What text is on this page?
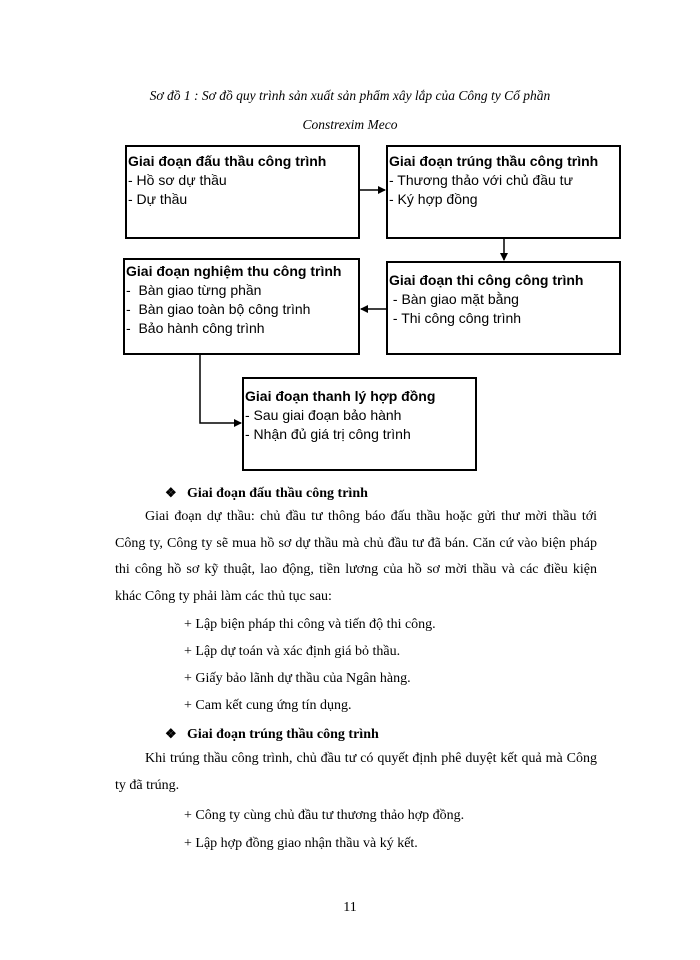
Sơ đồ 1 : Sơ đồ quy trình sản xuất sản phẩm xây lắp của Công ty Cổ phần
Constrexim Meco
Giai đoạn đấu thầu công trình
- Hồ sơ dự thầu
- Dự thầu
Giai đoạn trúng thầu công trình
- Thương thảo với chủ đầu tư
- Ký hợp đồng
Giai đoạn thi công công trình
- Bàn giao mặt bằng
- Thi công công trình
Giai đoạn nghiệm thu công trình
-  Bàn giao từng phần
-  Bàn giao toàn bộ công trình
-  Bảo hành công trình
Giai đoạn thanh lý hợp đồng
- Sau giai đoạn bảo hành
- Nhận đủ giá trị công trình
❖ Giai đoạn đấu thầu công trình

Giai đoạn dự thầu: chủ đầu tư thông báo đấu thầu hoặc gửi thư mời thầu tới Công ty, Công ty sẽ mua hồ sơ dự thầu mà chủ đầu tư đã bán. Căn cứ vào biện pháp thi công hồ sơ kỹ thuật, lao động, tiền lương của hồ sơ mời thầu và các điều kiện khác Công ty phải làm các thủ tục sau:

+ Lập biện pháp thi công và tiến độ thi công.
+ Lập dự toán và xác định giá bỏ thầu.
+ Giấy bảo lãnh dự thầu của Ngân hàng.
+ Cam kết cung ứng tín dụng.
❖ Giai đoạn trúng thầu công trình

Khi trúng thầu công trình, chủ đầu tư có quyết định phê duyệt kết quả mà Công ty đã trúng.

+ Công ty cùng chủ đầu tư thương thảo hợp đồng.
+ Lập hợp đồng giao nhận thầu và ký kết.
11
